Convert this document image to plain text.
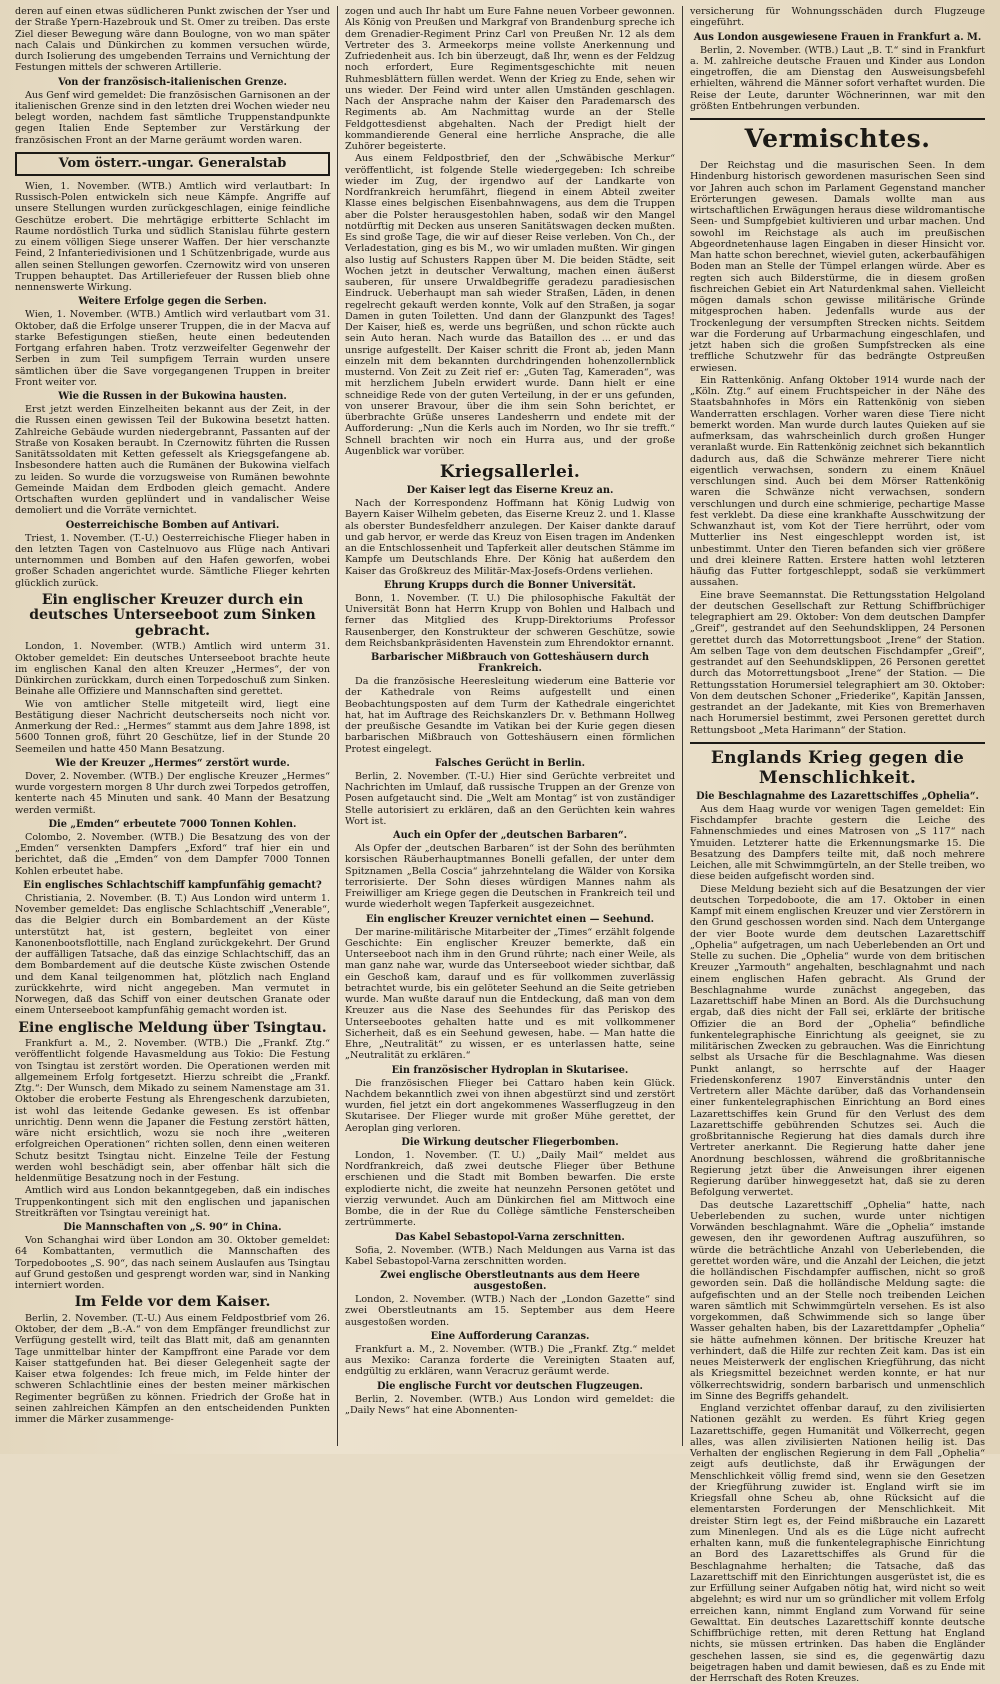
deren auf einen etwas südlicheren Punkt zwischen der Yser und der Straße Ypern-Hazebrouk und St. Omer zu treiben. Das erste Ziel dieser Bewegung wäre dann Boulogne, von wo man später nach Calais und Dünkirchen zu kommen versuchen würde, durch Isolierung des umgebenden Terrains und Vernichtung der Festungen mittels der schweren Artillerie.

Von der französisch-italienischen Grenze.

Aus Genf wird gemeldet: Die französischen Garnisonen an der italienischen Grenze sind in den letzten drei Wochen wieder neu belegt worden, nachdem fast sämtliche Truppenstandpunkte gegen Italien Ende September zur Verstärkung der französischen Front an der Marne geräumt worden waren.

Vom österr.-ungar. Generalstab

Wien, 1. November. (WTB.) Amtlich wird verlautbart: In Russisch-Polen entwickeln sich neue Kämpfe. Angriffe auf unsere Stellungen wurden zurückgeschlagen, einige feindliche Geschütze erobert. Die mehrtägige erbitterte Schlacht im Raume nordöstlich Turka und südlich Stanislau führte gestern zu einem völligen Siege unserer Waffen. Der hier verschanzte Feind, 2 Infanteriedivisionen und 1 Schützenbrigade, wurde aus allen seinen Stellungen geworfen. Czernowitz wird von unseren Truppen behauptet. Das Artilleriefeuer der Russen blieb ohne nennenswerte Wirkung.

Weitere Erfolge gegen die Serben.

Wien, 1. November. (WTB.) Amtlich wird verlautbart vom 31. Oktober, daß die Erfolge unserer Truppen, die in der Macva auf starke Befestigungen stießen, heute einen bedeutenden Fortgang erfahren haben. Trotz verzweifelter Gegenwehr der Serben in zum Teil sumpfigem Terrain wurden unsere sämtlichen über die Save vorgegangenen Truppen in breiter Front weiter vor.

Wie die Russen in der Bukowina hausten.

Erst jetzt werden Einzelheiten bekannt aus der Zeit, in der die Russen einen gewissen Teil der Bukowina besetzt hatten. Zahlreiche Gebäude wurden niedergebrannt, Passanten auf der Straße von Kosaken beraubt. In Czernowitz führten die Russen Sanitätssoldaten mit Ketten gefesselt als Kriegsgefangene ab. Insbesondere hatten auch die Rumänen der Bukowina vielfach zu leiden. So wurde die vorzugsweise von Rumänen bewohnte Gemeinde Maidan dem Erdboden gleich gemacht. Andere Ortschaften wurden geplündert und in vandalischer Weise demoliert und die Vorräte vernichtet.

Oesterreichische Bomben auf Antivari.

Triest, 1. November. (T.-U.) Oesterreichische Flieger haben in den letzten Tagen von Castelnuovo aus Flüge nach Antivari unternommen und Bomben auf den Hafen geworfen, wobei großer Schaden angerichtet wurde. Sämtliche Flieger kehrten glücklich zurück.

Ein englischer Kreuzer durch ein deutsches Unterseeboot zum Sinken gebracht.

London, 1. November. (WTB.) Amtlich wird unterm 31. Oktober gemeldet: Ein deutsches Unterseeboot brachte heute im englischen Kanal den alten Kreuzer „Hermes“, der von Dünkirchen zurückkam, durch einen Torpedoschuß zum Sinken. Beinahe alle Offiziere und Mannschaften sind gerettet.

Wie von amtlicher Stelle mitgeteilt wird, liegt eine Bestätigung dieser Nachricht deutscherseits noch nicht vor. Anmerkung der Red.: „Hermes“ stammt aus dem Jahre 1898, ist 5600 Tonnen groß, führt 20 Geschütze, lief in der Stunde 20 Seemeilen und hatte 450 Mann Besatzung.

Wie der Kreuzer „Hermes“ zerstört wurde.

Dover, 2. November. (WTB.) Der englische Kreuzer „Hermes“ wurde vorgestern morgen 8 Uhr durch zwei Torpedos getroffen, kenterte nach 45 Minuten und sank. 40 Mann der Besatzung werden vermißt.

Die „Emden“ erbeutete 7000 Tonnen Kohlen.

Colombo, 2. November. (WTB.) Die Besatzung des von der „Emden“ versenkten Dampfers „Exford“ traf hier ein und berichtet, daß die „Emden“ von dem Dampfer 7000 Tonnen Kohlen erbeutet habe.

Ein englisches Schlachtschiff kampfunfähig gemacht?

Christiania, 2. November. (B. T.) Aus London wird unterm 1. November gemeldet: Das englische Schlachtschiff „Venerable“, das die Belgier durch ein Bombardement an der Küste unterstützt hat, ist gestern, begleitet von einer Kanonenbootsflottille, nach England zurückgekehrt. Der Grund der auffälligen Tatsache, daß das einzige Schlachtschiff, das an dem Bombardement auf die deutsche Küste zwischen Ostende und dem Kanal teilgenommen hat, plötzlich nach England zurückkehrte, wird nicht angegeben. Man vermutet in Norwegen, daß das Schiff von einer deutschen Granate oder einem Unterseeboot kampfunfähig gemacht worden ist.

Eine englische Meldung über Tsingtau.

Frankfurt a. M., 2. November. (WTB.) Die „Frankf. Ztg.“ veröffentlicht folgende Havasmeldung aus Tokio: Die Festung von Tsingtau ist zerstört worden. Die Operationen werden mit allgemeinem Erfolg fortgesetzt. Hierzu schreibt die „Frankf. Ztg.“: Der Wunsch, dem Mikado zu seinem Namenstage am 31. Oktober die eroberte Festung als Ehrengeschenk darzubieten, ist wohl das leitende Gedanke gewesen. Es ist offenbar unrichtig. Denn wenn die Japaner die Festung zerstört hätten, wäre nicht ersichtlich, wozu sie noch ihre „weiteren erfolgreichen Operationen“ richten sollen, denn einen weiteren Schutz besitzt Tsingtau nicht. Einzelne Teile der Festung werden wohl beschädigt sein, aber offenbar hält sich die heldenmütige Besatzung noch in der Festung.

Amtlich wird aus London bekanntgegeben, daß ein indisches Truppenkontingent sich mit den englischen und japanischen Streitkräften vor Tsingtau vereinigt hat.

Die Mannschaften von „S. 90“ in China.

Von Schanghai wird über London am 30. Oktober gemeldet: 64 Kombattanten, vermutlich die Mannschaften des Torpedobootes „S. 90“, das nach seinem Auslaufen aus Tsingtau auf Grund gestoßen und gesprengt worden war, sind in Nanking interniert worden.

Im Felde vor dem Kaiser.

Berlin, 2. November. (T.-U.) Aus einem Feldpostbrief vom 26. Oktober, der dem „B.-A.“ von dem Empfänger freundlichst zur Verfügung gestellt wird, teilt das Blatt mit, daß am genannten Tage unmittelbar hinter der Kampffront eine Parade vor dem Kaiser stattgefunden hat. Bei dieser Gelegenheit sagte der Kaiser etwa folgendes: Ich freue mich, im Felde hinter der schweren Schlachtlinie eines der besten meiner märkischen Regimenter begrüßen zu können. Friedrich der Große hat in seinen zahlreichen Kämpfen an den entscheidenden Punkten immer die Märker zusammenge-

zogen und auch Ihr habt um Eure Fahne neuen Vorbeer gewonnen. Als König von Preußen und Markgraf von Brandenburg spreche ich dem Grenadier-Regiment Prinz Carl von Preußen Nr. 12 als dem Vertreter des 3. Armeekorps meine vollste Anerkennung und Zufriedenheit aus. Ich bin überzeugt, daß Ihr, wenn es der Feldzug noch erfordert, Eure Regimentsgeschichte mit neuen Ruhmesblättern füllen werdet. Wenn der Krieg zu Ende, sehen wir uns wieder. Der Feind wird unter allen Umständen geschlagen. Nach der Ansprache nahm der Kaiser den Parademarsch des Regiments ab. Am Nachmittag wurde an der Stelle Feldgottesdienst abgehalten. Nach der Predigt hielt der kommandierende General eine herrliche Ansprache, die alle Zuhörer begeisterte.

Aus einem Feldpostbrief, den der „Schwäbische Merkur“ veröffentlicht, ist folgende Stelle wiedergegeben: Ich schreibe wieder im Zug, der irgendwo auf der Landkarte von Nordfrankreich herumfährt, fliegend in einem Abteil zweiter Klasse eines belgischen Eisenbahnwagens, aus dem die Truppen aber die Polster herausgestohlen haben, sodaß wir den Mangel notdürftig mit Decken aus unseren Sanitätswagen decken mußten. Es sind große Tage, die wir auf dieser Reise verleben. Von Ch., der Verladestation, ging es bis M., wo wir umladen mußten. Wir gingen also lustig auf Schusters Rappen über M. Die beiden Städte, seit Wochen jetzt in deutscher Verwaltung, machen einen äußerst sauberen, für unsere Urwaldbegriffe geradezu paradiesischen Eindruck. Ueberhaupt man sah wieder Straßen, Läden, in denen regelrecht gekauft werden konnte, Volk auf den Straßen, ja sogar Damen in guten Toiletten. Und dann der Glanzpunkt des Tages! Der Kaiser, hieß es, werde uns begrüßen, und schon rückte auch sein Auto heran. Nach wurde das Bataillon des ... er und das unsrige aufgestellt. Der Kaiser schritt die Front ab, jeden Mann einzeln mit dem bekannten durchdringenden hohenzollernblick musternd. Von Zeit zu Zeit rief er: „Guten Tag, Kameraden“, was mit herzlichem Jubeln erwidert wurde. Dann hielt er eine schneidige Rede von der guten Verteilung, in der er uns gefunden, von unserer Bravour, über die ihm sein Sohn berichtet, er überbrachte Grüße unseres Landesherrn und endete mit der Aufforderung: „Nun die Kerls auch im Norden, wo Ihr sie trefft.“ Schnell brachten wir noch ein Hurra aus, und der große Augenblick war vorüber.

Kriegsallerlei.
Der Kaiser legt das Eiserne Kreuz an.

Nach der Korrespondenz Hoffmann hat König Ludwig von Bayern Kaiser Wilhelm gebeten, das Eiserne Kreuz 2. und 1. Klasse als oberster Bundesfeldherr anzulegen. Der Kaiser dankte darauf und gab hervor, er werde das Kreuz von Eisen tragen im Andenken an die Entschlossenheit und Tapferkeit aller deutschen Stämme im Kampfe um Deutschlands Ehre. Der König hat außerdem den Kaiser das Großkreuz des Militär-Max-Josefs-Ordens verliehen.

Ehrung Krupps durch die Bonner Universität.

Bonn, 1. November. (T. U.) Die philosophische Fakultät der Universität Bonn hat Herrn Krupp von Bohlen und Halbach und ferner das Mitglied des Krupp-Direktoriums Professor Rausenberger, den Konstrukteur der schweren Geschütze, sowie dem Reichsbankpräsidenten Havenstein zum Ehrendoktor ernannt.

Barbarischer Mißbrauch von Gotteshäusern durch Frankreich.

Da die französische Heeresleitung wiederum eine Batterie vor der Kathedrale von Reims aufgestellt und einen Beobachtungsposten auf dem Turm der Kathedrale eingerichtet hat, hat im Auftrage des Reichskanzlers Dr. v. Bethmann Hollweg der preußische Gesandte im Vatikan bei der Kurie gegen diesen barbarischen Mißbrauch von Gotteshäusern einen förmlichen Protest eingelegt.

Falsches Gerücht in Berlin.

Berlin, 2. November. (T.-U.) Hier sind Gerüchte verbreitet und Nachrichten im Umlauf, daß russische Truppen an der Grenze von Posen aufgetaucht sind. Die „Welt am Montag“ ist von zuständiger Stelle autorisiert zu erklären, daß an den Gerüchten kein wahres Wort ist.

Auch ein Opfer der „deutschen Barbaren“.

Als Opfer der „deutschen Barbaren“ ist der Sohn des berühmten korsischen Räuberhauptmannes Bonelli gefallen, der unter dem Spitznamen „Bella Coscia“ jahrzehntelang die Wälder von Korsika terrorisierte. Der Sohn dieses würdigen Mannes nahm als Freiwilliger am Kriege gegen die Deutschen in Frankreich teil und wurde wiederholt wegen Tapferkeit ausgezeichnet.

Ein englischer Kreuzer vernichtet einen — Seehund.

Der marine-militärische Mitarbeiter der „Times“ erzählt folgende Geschichte: Ein englischer Kreuzer bemerkte, daß ein Unterseeboot nach ihm in den Grund rührte; nach einer Weile, als man ganz nahe war, wurde das Unterseeboot wieder sichtbar, daß ein Geschoß kam, darauf und es für vollkommen zuverlässig betrachtet wurde, bis ein gelöteter Seehund an die Seite getrieben wurde. Man wußte darauf nun die Entdeckung, daß man von dem Kreuzer aus die Nase des Seehundes für das Periskop des Unterseebootes gehalten hatte und es mit vollkommener Sicherheit, daß es ein Seehund gewesen, habe. — Man hatte die Ehre, „Neutralität“ zu wissen, er es unterlassen hatte, seine „Neutralität zu erklären.“

Ein französischer Hydroplan in Skutarisee.

Die französischen Flieger bei Cattaro haben kein Glück. Nachdem bekanntlich zwei von ihnen abgestürzt sind und zerstört wurden, fiel jetzt ein dort angekommenes Wasserflugzeug in den Skutarisee. Der Flieger wurde mit großer Mühe gerettet, der Aeroplan ging verloren.

Die Wirkung deutscher Fliegerbomben.

London, 1. November. (T. U.) „Daily Mail“ meldet aus Nordfrankreich, daß zwei deutsche Flieger über Bethune erschienen und die Stadt mit Bomben bewarfen. Die erste explodierte nicht, die zweite hat neunzehn Personen getötet und vierzig verwundet. Auch am Dünkirchen fiel am Mittwoch eine Bombe, die in der Rue du Collège sämtliche Fensterscheiben zertrümmerte.

Das Kabel Sebastopol-Varna zerschnitten.

Sofia, 2. November. (WTB.) Nach Meldungen aus Varna ist das Kabel Sebastopol-Varna zerschnitten worden.

Zwei englische Oberstleutnants aus dem Heere ausgestoßen.

London, 2. November. (WTB.) Nach der „London Gazette“ sind zwei Oberstleutnants am 15. September aus dem Heere ausgestoßen worden.

Eine Aufforderung Caranzas.

Frankfurt a. M., 2. November. (WTB.) Die „Frankf. Ztg.“ meldet aus Mexiko: Caranza forderte die Vereinigten Staaten auf, endgültig zu erklären, wann Veracruz geräumt werde.

Die englische Furcht vor deutschen Flugzeugen.

Berlin, 2. November. (WTB.) Aus London wird gemeldet: die „Daily News“ hat eine Abonnenten-

versicherung für Wohnungsschäden durch Flugzeuge eingeführt.

Aus London ausgewiesene Frauen in Frankfurt a. M.

Berlin, 2. November. (WTB.) Laut „B. T.“ sind in Frankfurt a. M. zahlreiche deutsche Frauen und Kinder aus London eingetroffen, die am Dienstag den Ausweisungsbefehl erhielten, während die Männer sofort verhaftet wurden. Die Reise der Leute, darunter Wöchnerinnen, war mit den größten Entbehrungen verbunden.

Vermischtes.

Der Reichstag und die masurischen Seen. In dem Hindenburg historisch gewordenen masurischen Seen sind vor Jahren auch schon im Parlament Gegenstand mancher Erörterungen gewesen. Damals wollte man aus wirtschaftlichen Erwägungen heraus diese wildromantische Seen- und Sumpfgebiet kultivieren und urbar machen. Und sowohl im Reichstage als auch im preußischen Abgeordnetenhause lagen Eingaben in dieser Hinsicht vor. Man hatte schon berechnet, wieviel guten, ackerbaufähigen Boden man an Stelle der Tümpel erlangen würde. Aber es regten sich auch Bilderstürme, die in diesem großen fischreichen Gebiet ein Art Naturdenkmal sahen. Vielleicht mögen damals schon gewisse militärische Gründe mitgesprochen haben. Jedenfalls wurde aus der Trockenlegung der versumpften Strecken nichts. Seitdem war die Forderung auf Urbarmachung eingeschlafen, und jetzt haben sich die großen Sumpfstrecken als eine treffliche Schutzwehr für das bedrängte Ostpreußen erwiesen.

Ein Rattenkönig. Anfang Oktober 1914 wurde nach der „Köln. Ztg.“ auf einem Fruchtspeicher in der Nähe des Staatsbahnhofes in Mörs ein Rattenkönig von sieben Wanderratten erschlagen. Vorher waren diese Tiere nicht bemerkt worden. Man wurde durch lautes Quieken auf sie aufmerksam, das wahrscheinlich durch großen Hunger veranlaßt wurde. Ein Rattenkönig zeichnet sich bekanntlich dadurch aus, daß die Schwänze mehrerer Tiere nicht eigentlich verwachsen, sondern zu einem Knäuel verschlungen sind. Auch bei dem Mörser Rattenkönig waren die Schwänze nicht verwachsen, sondern verschlungen und durch eine schmierige, pechartige Masse fest verklebt. Da diese eine krankhafte Ausschwitzung der Schwanzhaut ist, vom Kot der Tiere herrührt, oder vom Mutterlier ins Nest eingeschleppt worden ist, ist unbestimmt. Unter den Tieren befanden sich vier größere und drei kleinere Ratten. Erstere hatten wohl letzteren häufig das Futter fortgeschleppt, sodaß sie verkümmert aussahen.

Eine brave Seemannstat. Die Rettungsstation Helgoland der deutschen Gesellschaft zur Rettung Schiffbrüchiger telegraphiert am 29. Oktober: Von dem deutschen Dampfer „Greif“, gestrandet auf den Seehundsklippen, 24 Personen gerettet durch das Motorrettungsboot „Irene“ der Station. Am selben Tage von dem deutschen Fischdampfer „Greif“, gestrandet auf den Seehundsklippen, 26 Personen gerettet durch das Motorrettungsboot „Irene“ der Station. — Die Rettungsstation Horumersiel telegraphiert am 30. Oktober: Von dem deutschen Schoner „Friederike“, Kapitän Janssen, gestrandet an der Jadekante, mit Kies von Bremerhaven nach Horumersiel bestimmt, zwei Personen gerettet durch Rettungsboot „Meta Harimann“ der Station.

Englands Krieg gegen die Menschlichkeit.
Die Beschlagnahme des Lazarettschiffes „Ophelia“.

Aus dem Haag wurde vor wenigen Tagen gemeldet: Ein Fischdampfer brachte gestern die Leiche des Fahnenschmiedes und eines Matrosen von „S 117“ nach Ymuiden. Letzterer hatte die Erkennungsmarke 15. Die Besatzung des Dampfers teilte mit, daß noch mehrere Leichen, alle mit Schwimmgürteln, an der Stelle treiben, wo diese beiden aufgefischt worden sind.

Diese Meldung bezieht sich auf die Besatzungen der vier deutschen Torpedoboote, die am 17. Oktober in einen Kampf mit einem englischen Kreuzer und vier Zerstörern in den Grund geschossen worden sind. Nach dem Untergange der vier Boote wurde dem deutschen Lazarettschiff „Ophelia“ aufgetragen, um nach Ueberlebenden an Ort und Stelle zu suchen. Die „Ophelia“ wurde von dem britischen Kreuzer „Yarmouth“ angehalten, beschlagnahmt und nach einem englischen Hafen gebracht. Als Grund der Beschlagnahme wurde zunächst angegeben, das Lazarettschiff habe Minen an Bord. Als die Durchsuchung ergab, daß dies nicht der Fall sei, erklärte der britische Offizier die an Bord der „Ophelia“ befindliche funkentelegraphische Einrichtung als geeignet, sie zu militärischen Zwecken zu gebrauchen. Was die Einrichtung selbst als Ursache für die Beschlagnahme. Was diesen Punkt anlangt, so herrschte auf der Haager Friedenskonferenz 1907 Einverständnis unter den Vertretern aller Mächte darüber, daß das Vorhandensein einer funkentelegraphischen Einrichtung an Bord eines Lazarettschiffes kein Grund für den Verlust des dem Lazarettschiffe gebührenden Schutzes sei. Auch die großbritannische Regierung hat dies damals durch ihre Vertreter anerkannt. Die Regierung hatte daher jene Anordnung beschlossen, während die großbritannische Regierung jetzt über die Anweisungen ihrer eigenen Regierung darüber hinweggesetzt hat, daß sie zu deren Befolgung verwertet.

Das deutsche Lazarettschiff „Ophelia“ hatte, nach Ueberlebenden zu suchen, wurde unter nichtigen Vorwänden beschlagnahmt. Wäre die „Ophelia“ imstande gewesen, den ihr gewordenen Auftrag auszuführen, so würde die beträchtliche Anzahl von Ueberlebenden, die gerettet worden wäre, und die Anzahl der Leichen, die jetzt die holländischen Fischdampfer auffischen, nicht so groß geworden sein. Daß die holländische Meldung sagte: die aufgefischten und an der Stelle noch treibenden Leichen waren sämtlich mit Schwimmgürteln versehen. Es ist also vorgekommen, daß Schwimmende sich so lange über Wasser gehalten haben, bis der Lazarettdampfer „Ophelia“ sie hätte aufnehmen können. Der britische Kreuzer hat verhindert, daß die Hilfe zur rechten Zeit kam. Das ist ein neues Meisterwerk der englischen Kriegführung, das nicht als Kriegsmittel bezeichnet werden konnte, er hat nur völkerrechtswidrig, sondern barbarisch und unmenschlich im Sinne des Begriffs gehandelt.

England verzichtet offenbar darauf, zu den zivilisierten Nationen gezählt zu werden. Es führt Krieg gegen Lazarettschiffe, gegen Humanität und Völkerrecht, gegen alles, was allen zivilisierten Nationen heilig ist. Das Verhalten der englischen Regierung in dem Fall „Ophelia“ zeigt aufs deutlichste, daß ihr Erwägungen der Menschlichkeit völlig fremd sind, wenn sie den Gesetzen der Kriegführung zuwider ist. England wirft sie im Kriegsfall ohne Scheu ab, ohne Rücksicht auf die elementarsten Forderungen der Menschlichkeit. Mit dreister Stirn legt es, der Feind mißbrauche ein Lazarett zum Minenlegen. Und als es die Lüge nicht aufrecht erhalten kann, muß die funkentelegraphische Einrichtung an Bord des Lazarettschiffes als Grund für die Beschlagnahme herhalten; die Tatsache, daß das Lazarettschiff mit den Einrichtungen ausgerüstet ist, die es zur Erfüllung seiner Aufgaben nötig hat, wird nicht so weit abgelehnt; es wird nur um so gründlicher mit vollem Erfolg erreichen kann, nimmt England zum Vorwand für seine Gewalttat. Ein deutsches Lazarettschiff konnte deutsche Schiffbrüchige retten, mit deren Rettung hat England nichts, sie müssen ertrinken. Das haben die Engländer geschehen lassen, sie sind es, die gegenwärtig dazu beigetragen haben und damit bewiesen, daß es zu Ende mit der Herrschaft des Roten Kreuzes.
